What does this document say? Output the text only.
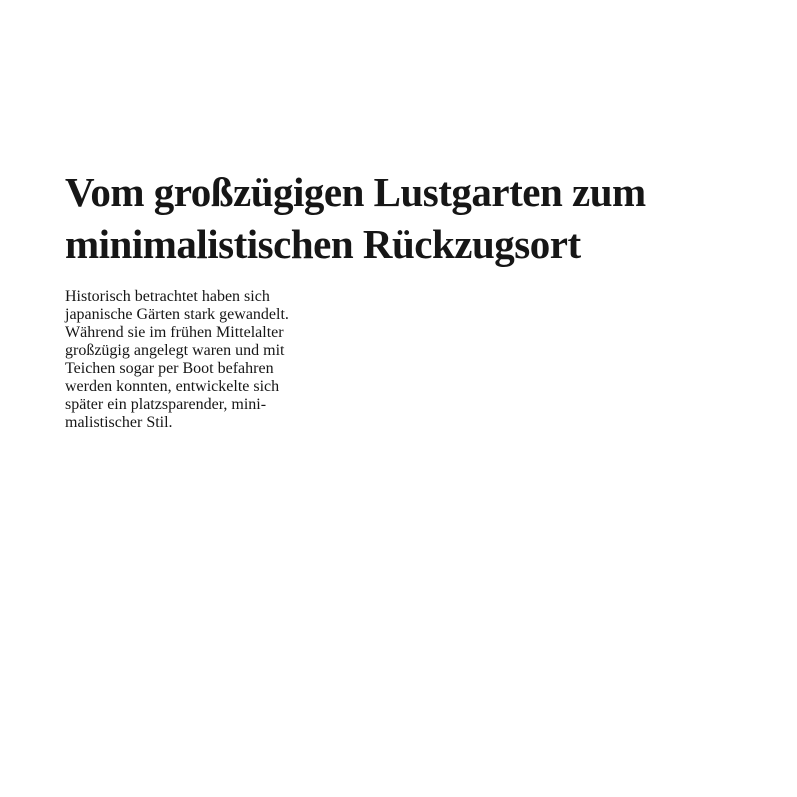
Vom großzügigen Lustgarten zum
minimalistischen Rückzugsort

Historisch betrachtet haben sich
japanische Gärten stark gewandelt.
Während sie im frühen Mittelalter
großzügig angelegt waren und mit
Teichen sogar per Boot befahren
werden konnten, entwickelte sich
später ein platzsparender, mini-
malistischer Stil.
